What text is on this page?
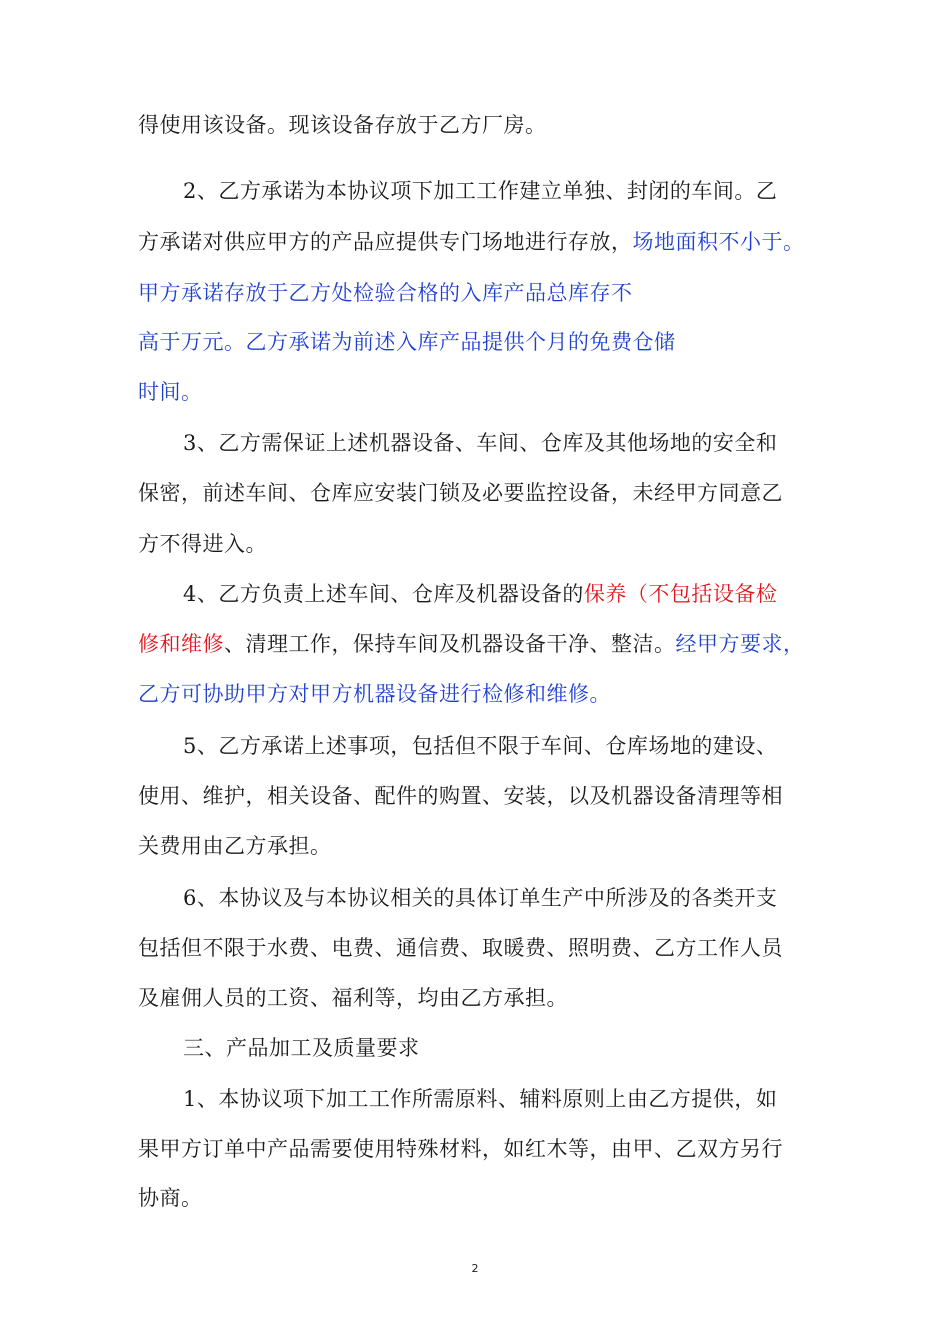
得使用该设备。现该设备存放于乙方厂房。
2、乙方承诺为本协议项下加工工作建立单独、封闭的车间。乙
方承诺对供应甲方的产品应提供专门场地进行存放，场地面积不小于。
甲方承诺存放于乙方处检验合格的入库产品总库存不
高于万元。乙方承诺为前述入库产品提供个月的免费仓储
时间。
3、乙方需保证上述机器设备、车间、仓库及其他场地的安全和
保密，前述车间、仓库应安装门锁及必要监控设备，未经甲方同意乙
方不得进入。
4、乙方负责上述车间、仓库及机器设备的保养（不包括设备检
修和维修、清理工作，保持车间及机器设备干净、整洁。经甲方要求，
乙方可协助甲方对甲方机器设备进行检修和维修。
5、乙方承诺上述事项，包括但不限于车间、仓库场地的建设、
使用、维护，相关设备、配件的购置、安装，以及机器设备清理等相
关费用由乙方承担。
6、本协议及与本协议相关的具体订单生产中所涉及的各类开支
包括但不限于水费、电费、通信费、取暖费、照明费、乙方工作人员
及雇佣人员的工资、福利等，均由乙方承担。
三、产品加工及质量要求
1、本协议项下加工工作所需原料、辅料原则上由乙方提供，如
果甲方订单中产品需要使用特殊材料，如红木等，由甲、乙双方另行
协商。
2
